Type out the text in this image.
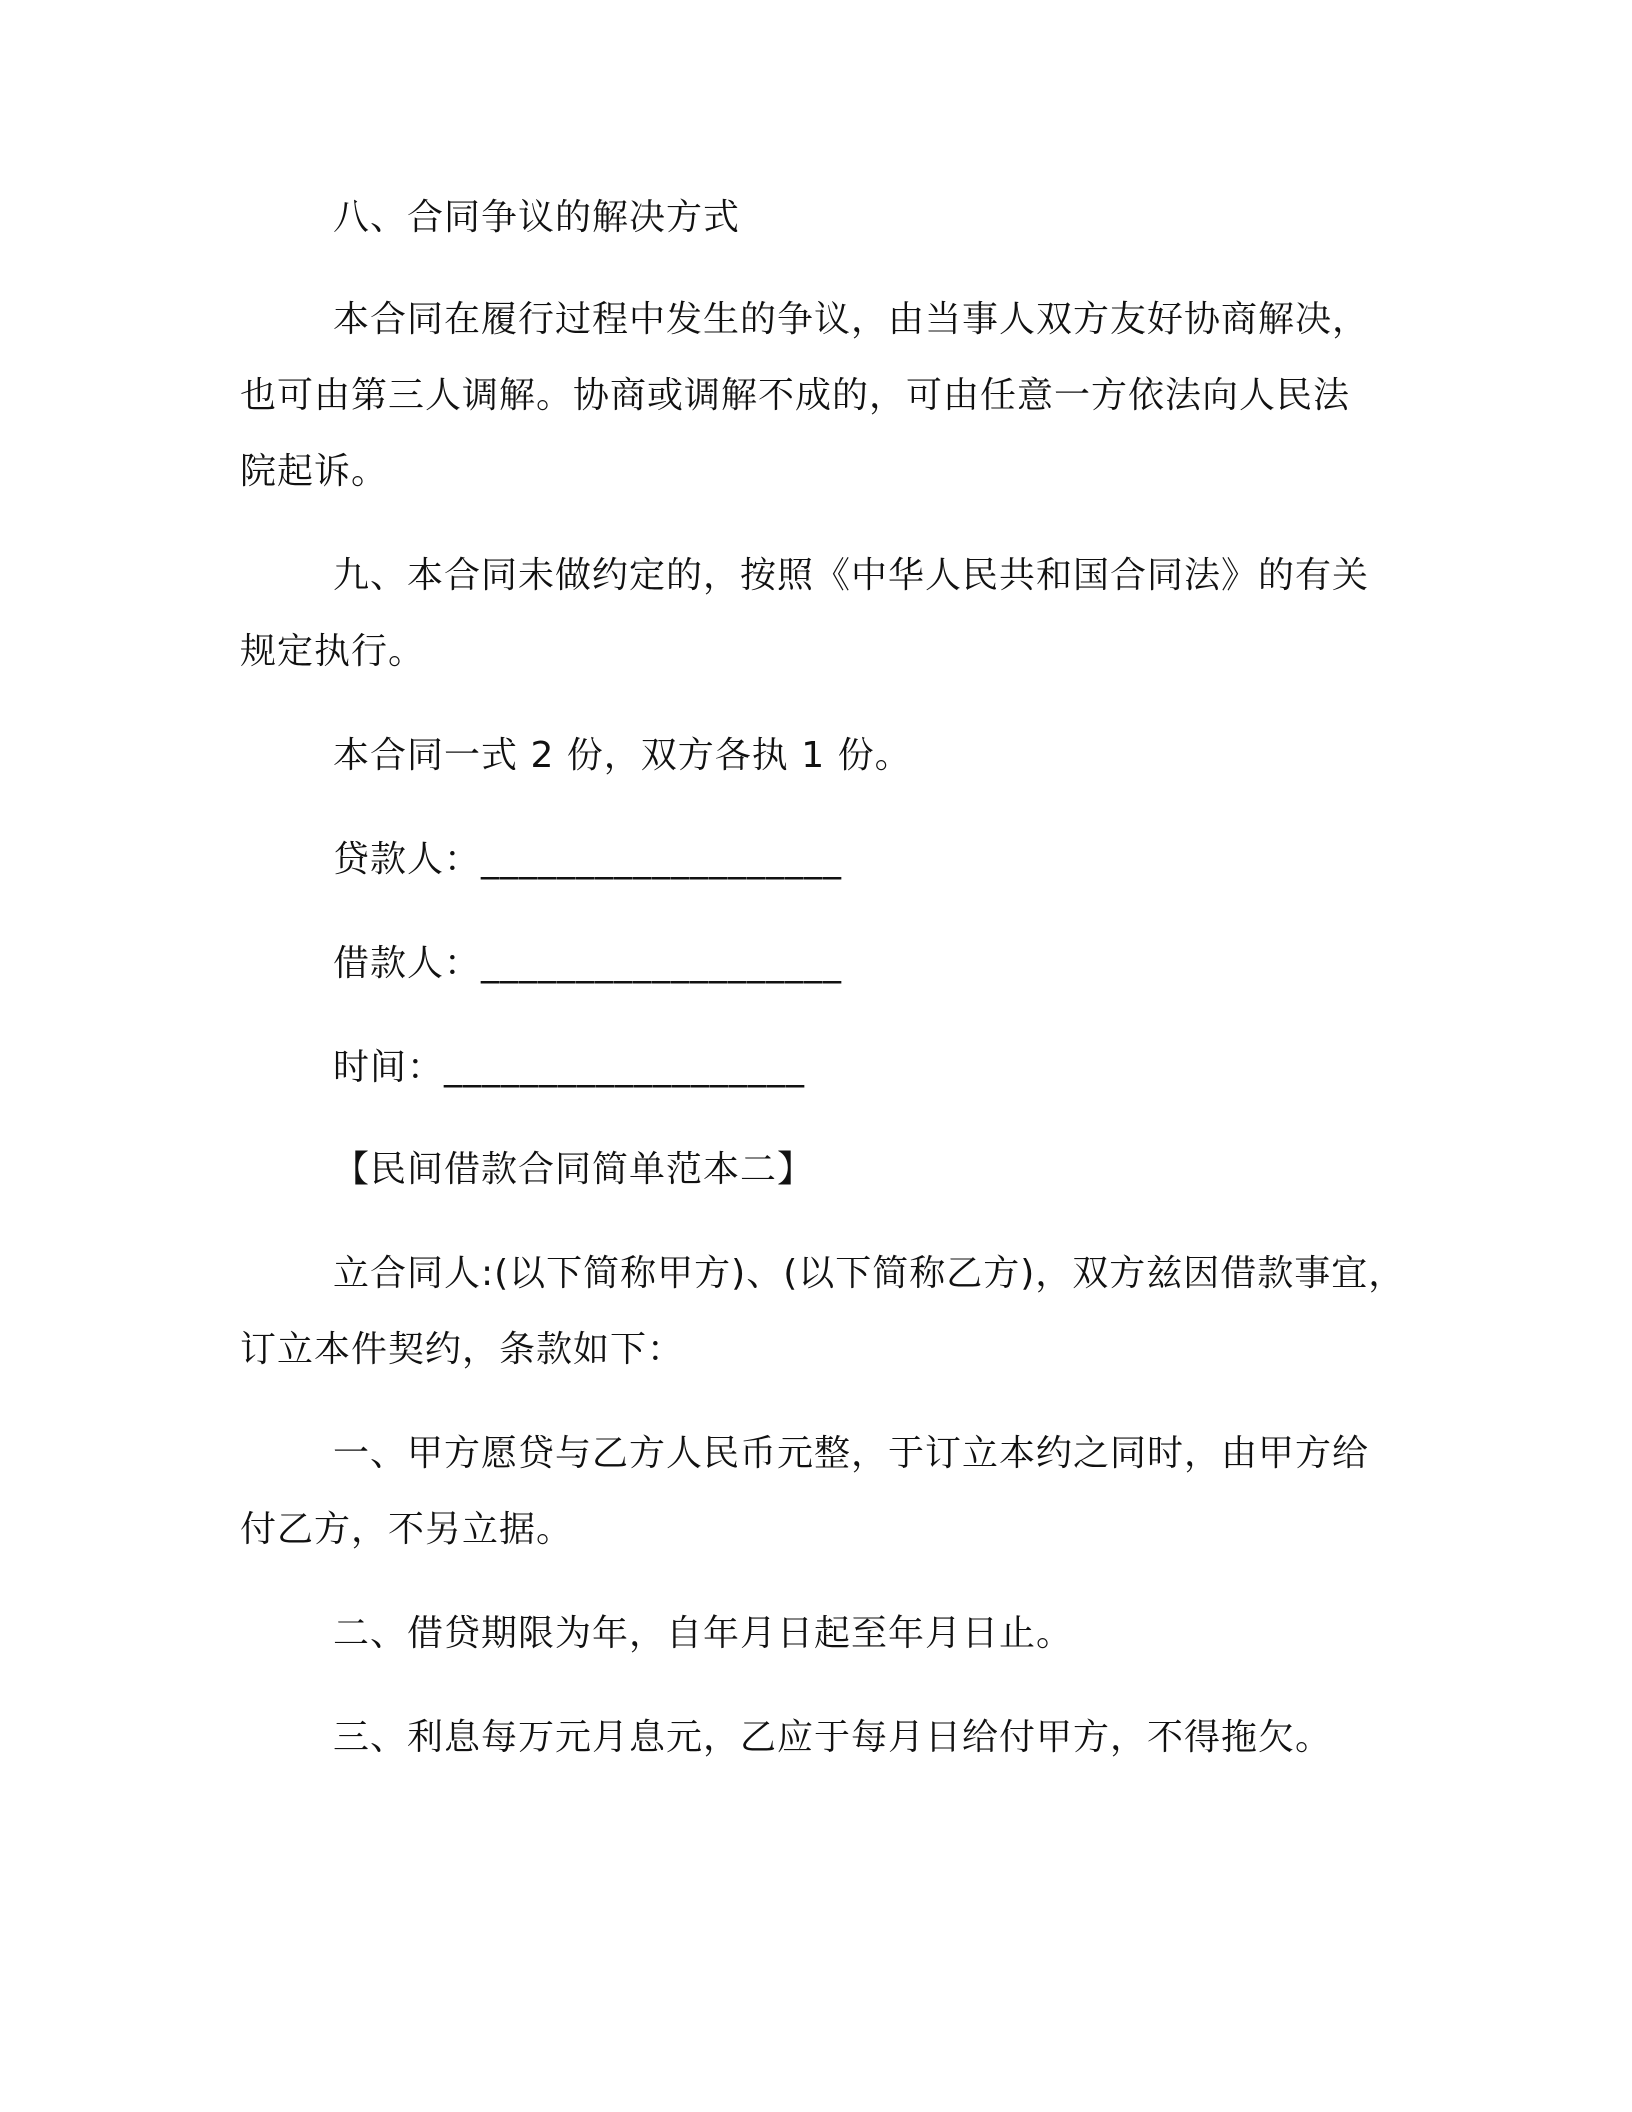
八、合同争议的解决方式
本合同在履行过程中发生的争议，由当事人双方友好协商解决，
也可由第三人调解。协商或调解不成的，可由任意一方依法向人民法
院起诉。
九、本合同未做约定的，按照《中华人民共和国合同法》的有关
规定执行。
本合同一式 2 份，双方各执 1 份。
贷款人：___________________
借款人：___________________
时间：___________________
【民间借款合同简单范本二】
立合同人:(以下简称甲方)、(以下简称乙方)，双方兹因借款事宜，
订立本件契约，条款如下：
一、甲方愿贷与乙方人民币元整，于订立本约之同时，由甲方给
付乙方，不另立据。
二、借贷期限为年，自年月日起至年月日止。
三、利息每万元月息元，乙应于每月日给付甲方，不得拖欠。
